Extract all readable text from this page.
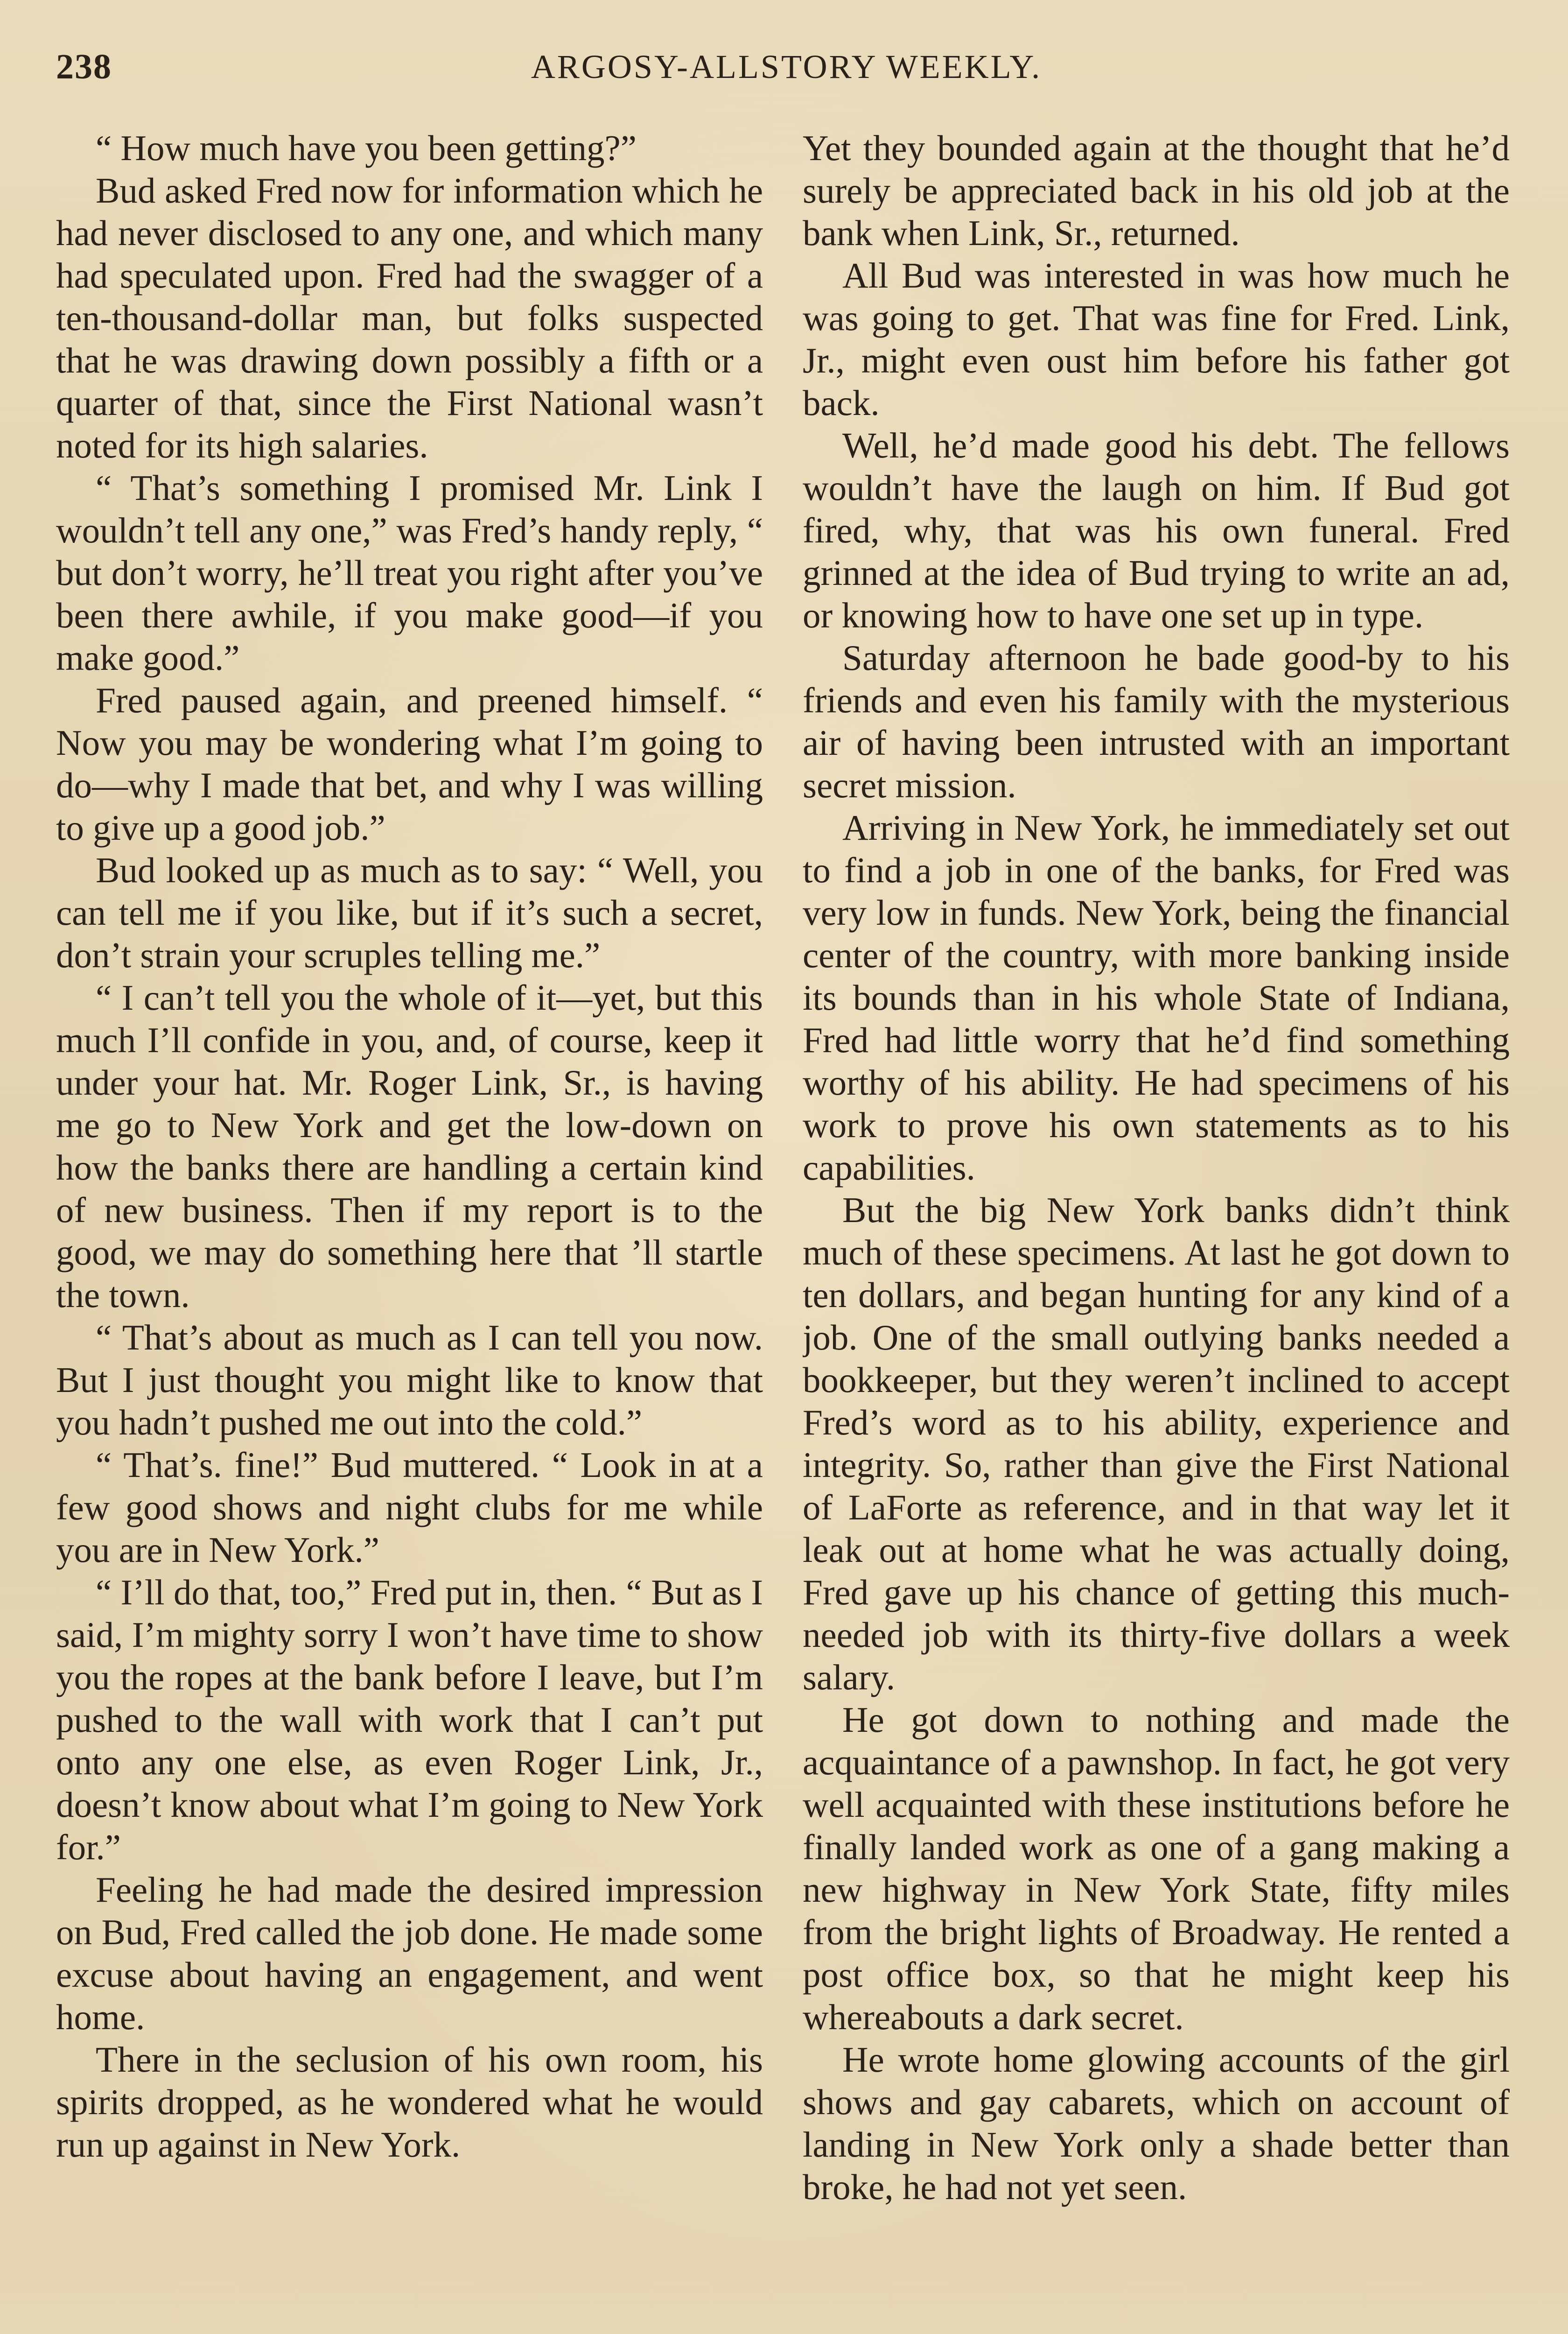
238	ARGOSY-ALLSTORY WEEKLY.

“ How much have you been getting?”

Bud asked Fred now for information which he had never disclosed to any one, and which many had speculated upon. Fred had the swagger of a ten-thousand-dollar man, but folks suspected that he was drawing down possibly a fifth or a quarter of that, since the First National wasn’t noted for its high salaries.

“ That’s something I promised Mr. Link I wouldn’t tell any one,” was Fred’s handy reply, “ but don’t worry, he’ll treat you right after you’ve been there awhile, if you make good—if you make good.”

Fred paused again, and preened himself. “ Now you may be wondering what I’m going to do—why I made that bet, and why I was willing to give up a good job.”

Bud looked up as much as to say: “ Well, you can tell me if you like, but if it’s such a secret, don’t strain your scruples telling me.”

“ I can’t tell you the whole of it—yet, but this much I’ll confide in you, and, of course, keep it under your hat. Mr. Roger Link, Sr., is having me go to New York and get the low-down on how the banks there are handling a certain kind of new business. Then if my report is to the good, we may do something here that ’ll startle the town.

“ That’s about as much as I can tell you now. But I just thought you might like to know that you hadn’t pushed me out into the cold.”

“ That’s. fine!” Bud muttered. “ Look in at a few good shows and night clubs for me while you are in New York.”

“ I’ll do that, too,” Fred put in, then. “ But as I said, I’m mighty sorry I won’t have time to show you the ropes at the bank before I leave, but I’m pushed to the wall with work that I can’t put onto any one else, as even Roger Link, Jr., doesn’t know about what I’m going to New York for.”

Feeling he had made the desired impression on Bud, Fred called the job done. He made some excuse about having an engagement, and went home.

There in the seclusion of his own room, his spirits dropped, as he wondered what he would run up against in New York.

Yet they bounded again at the thought that he’d surely be appreciated back in his old job at the bank when Link, Sr., returned.

All Bud was interested in was how much he was going to get. That was fine for Fred. Link, Jr., might even oust him before his father got back.

Well, he’d made good his debt. The fellows wouldn’t have the laugh on him. If Bud got fired, why, that was his own funeral. Fred grinned at the idea of Bud trying to write an ad, or knowing how to have one set up in type.

Saturday afternoon he bade good-by to his friends and even his family with the mysterious air of having been intrusted with an important secret mission.

Arriving in New York, he immediately set out to find a job in one of the banks, for Fred was very low in funds. New York, being the financial center of the country, with more banking inside its bounds than in his whole State of Indiana, Fred had little worry that he’d find something worthy of his ability. He had specimens of his work to prove his own statements as to his capabilities.

But the big New York banks didn’t think much of these specimens. At last he got down to ten dollars, and began hunting for any kind of a job. One of the small outlying banks needed a bookkeeper, but they weren’t inclined to accept Fred’s word as to his ability, experience and integrity. So, rather than give the First National of LaForte as reference, and in that way let it leak out at home what he was actually doing, Fred gave up his chance of getting this much-needed job with its thirty-five dollars a week salary.

He got down to nothing and made the acquaintance of a pawnshop. In fact, he got very well acquainted with these institutions before he finally landed work as one of a gang making a new highway in New York State, fifty miles from the bright lights of Broadway. He rented a post office box, so that he might keep his whereabouts a dark secret.

He wrote home glowing accounts of the girl shows and gay cabarets, which on account of landing in New York only a shade better than broke, he had not yet seen.
